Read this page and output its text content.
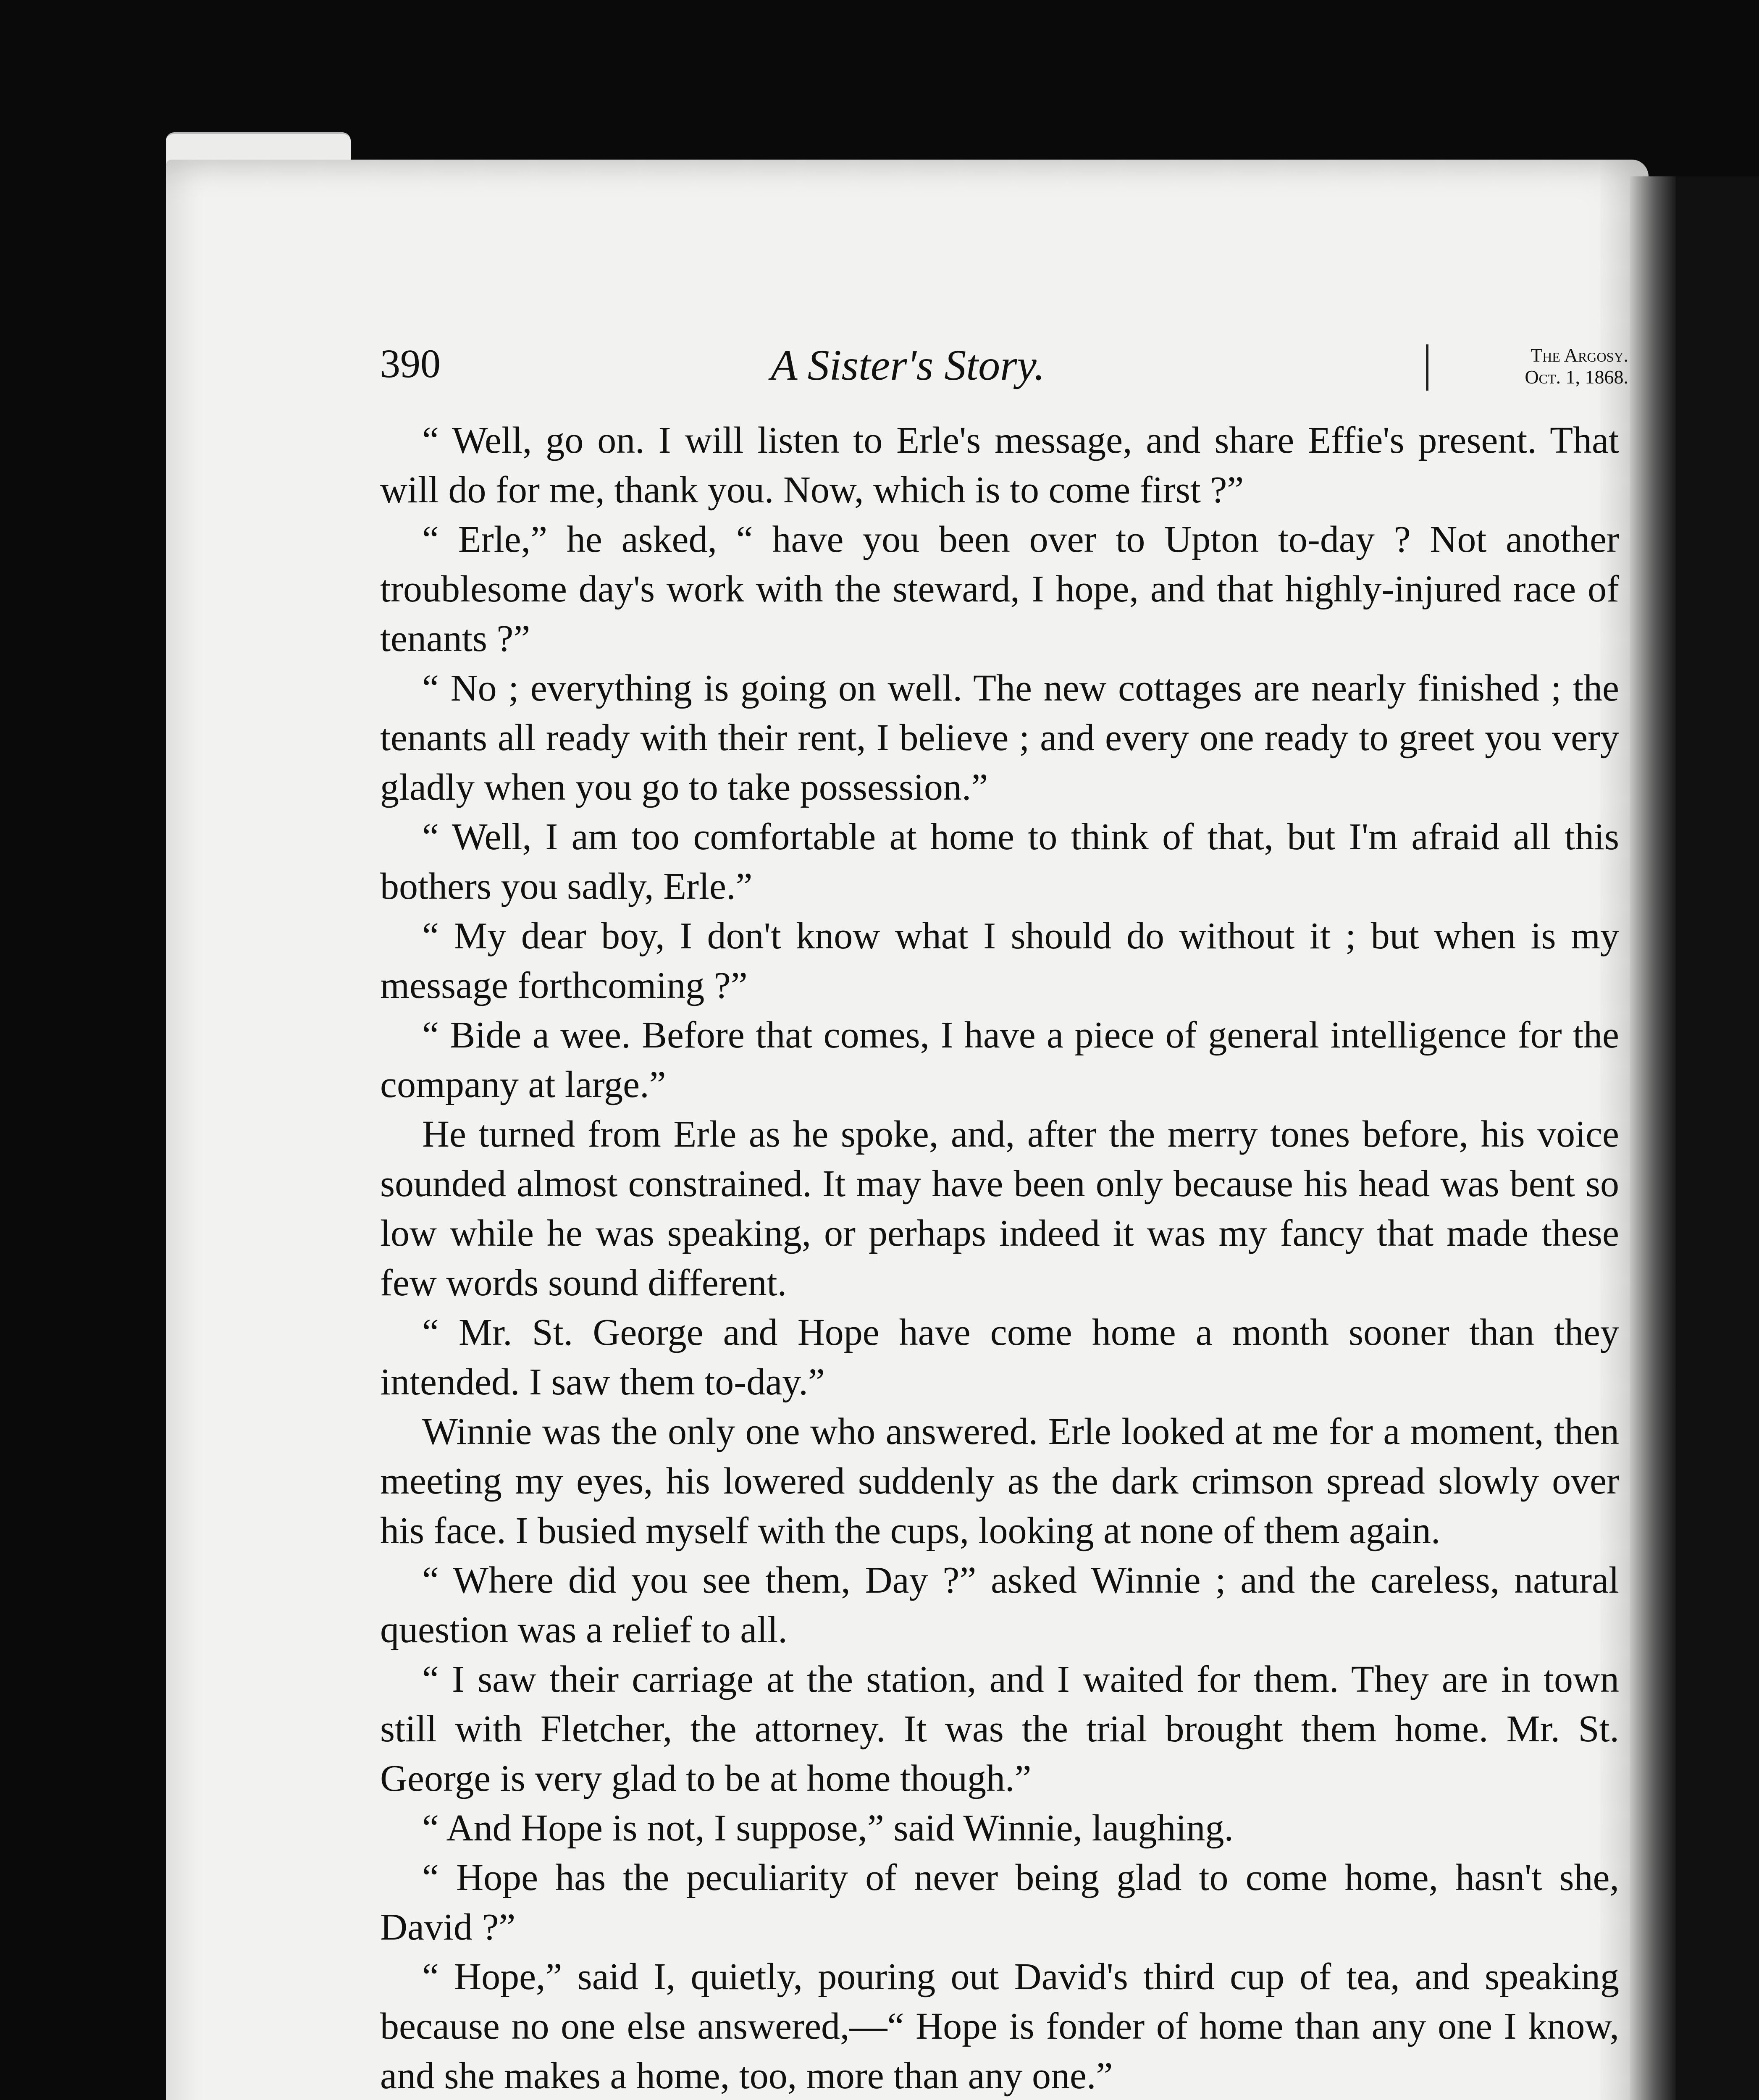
390	A Sister's Story.	The Argosy.
Oct. 1, 1868.

“ Well, go on. I will listen to Erle's message, and share Effie's present. That will do for me, thank you. Now, which is to come first ?”

“ Erle,” he asked, “ have you been over to Upton to-day ? Not another troublesome day's work with the steward, I hope, and that highly-injured race of tenants ?”

“ No ; everything is going on well. The new cottages are nearly finished ; the tenants all ready with their rent, I believe ; and every one ready to greet you very gladly when you go to take possession.”

“ Well, I am too comfortable at home to think of that, but I'm afraid all this bothers you sadly, Erle.”

“ My dear boy, I don't know what I should do without it ; but when is my message forthcoming ?”

“ Bide a wee. Before that comes, I have a piece of general intelligence for the company at large.”

He turned from Erle as he spoke, and, after the merry tones before, his voice sounded almost constrained. It may have been only because his head was bent so low while he was speaking, or perhaps indeed it was my fancy that made these few words sound different.

“ Mr. St. George and Hope have come home a month sooner than they intended. I saw them to-day.”

Winnie was the only one who answered. Erle looked at me for a moment, then meeting my eyes, his lowered suddenly as the dark crimson spread slowly over his face. I busied myself with the cups, looking at none of them again.

“ Where did you see them, Day ?” asked Winnie ; and the careless, natural question was a relief to all.

“ I saw their carriage at the station, and I waited for them. They are in town still with Fletcher, the attorney. It was the trial brought them home. Mr. St. George is very glad to be at home though.”

“ And Hope is not, I suppose,” said Winnie, laughing.

“ Hope has the peculiarity of never being glad to come home, hasn't she, David ?”

“ Hope,” said I, quietly, pouring out David's third cup of tea, and speaking because no one else answered,—“ Hope is fonder of home than any one I know, and she makes a home, too, more than any one.”
